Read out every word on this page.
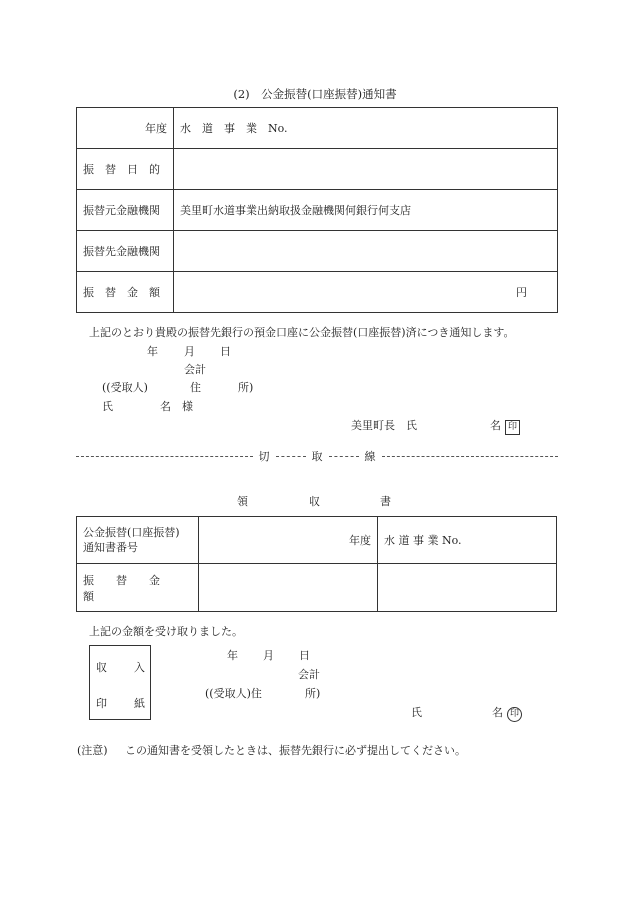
(2)　公金振替(口座振替)通知書
年度	水　道　事　業　No.
振　替　日　的	
振替元金融機関	美里町水道事業出納取扱金融機関何銀行何支店
振替先金融機関	
振　替　金　額	円
上記のとおり貴殿の振替先銀行の預金口座に公金振替(口座振替)済につき通知します。
年 月 日
会計
((受取人)	住	所)
氏	名 様
美里町長　氏	名 印
切	取	線
領	収	書
公金振替(口座振替)
通知書番号	年度	水 道 事 業 No.
振　　替　　金　　額		
上記の金額を受け取りました。
収 入
印 紙
年 月 日
会計
((受取人)住	所)
氏	名 印
(注意) この通知書を受領したときは、振替先銀行に必ず提出してください。
